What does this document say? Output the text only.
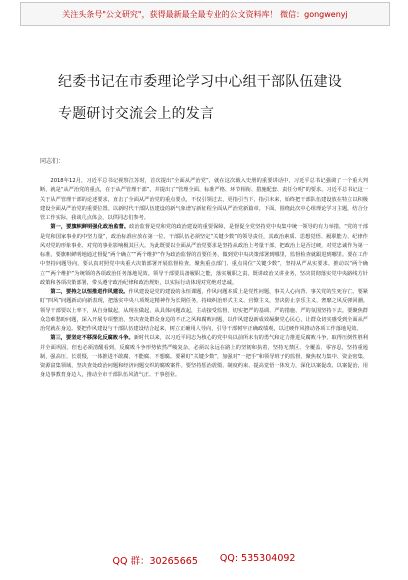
关注头条号"公文研究"，获得最新最全最专业的公文资料库！ 微信：gongwenyj
纪委书记在市委理论学习中心组干部队伍建设专题研讨交流会上的发言
同志们：

2018年12月，习近平总书记视察江苏时，首次提出“全面从严治党”，就在这次载入史册的重要讲话中，习近平总书记强调了一个重大判断，就是“从严治党的重点，在于从严管理干部”，并提出了“管理全面、标准严格、环节相衔、措施配套、责任分明”的要求。习近平总书记这一关于从严管理干部的论述要求，直击了全面从严治党的重点要点，不仅引领过去，更指引当下，指引未来，始终把干部队伍建设放在特立以积极建设全面从严治党的重要位置。以新时代干部队伍建设的新气象谱写新征程全面从严治党新篇章。下面，围绕此次中心组理论学习主题，结合分管工作实际，我谈几点体会，以供同志们参考。

第一，要旗帜鲜明强化政治监督。政治监督是党和党的政治建设的重要保障，是督促全党坚持党中央集中统一领导的有力举措，“党的干部是党和国家事业的中坚力量”，政治标准应放在第一位，干部队伍必须坚定“关键少数”的领导责任，其政治素质、思想觉悟、履职能力、纪律作风对党的形象事业、对党的事业影响极其巨大。为此既要以全面从严治党要求是坚持从政治上考量干部，把政治上是否过硬，对党忠诚作为第一标准，要旗帜鲜明地通过督促“两个确立”“两个维护”作为政治监督的首要任务，做到党中央决策部署到哪里，监督检查就跟进到哪里。要在工作中坚持问题导向，要认真对照党中央重大决策部署开展监督检查，聚焦重点部门、重点岗位“关键少数”，坚持从严从实要求，推动以“两个确立”“两个维护”为统领的各项政治任务落地见效。领导干部要具备履职之能，落实履职之责，既讲政治又讲业务，坚决贯彻落实党中央路线方针政策和各项决策部署，带头遵守政治纪律和政治规矩，以实际行动体现对党绝对忠诚。

第二，要持之以恒推进作风建设。作风建设是党的建设的永恒课题，作风问题本质上是党性问题，事关人心向背、事关党的生死存亡。要紧盯“四风”问题新动向新表现，把落实中央八项规定精神作为长期任务，持续纠治形式主义、官僚主义，坚决防止享乐主义、奢靡之风反弹回潮。领导干部要以上率下，从自身做起，从现在做起，从具体问题改起，主动接受监督，切实把严的基调、严的措施、严的氛围坚持下去。要聚焦群众急难愁盼问题，深入开展专项整治，坚决查处群众身边的不正之风和腐败问题，以作风建设新成效凝聚党心民心，让群众切实感受到全面从严治党就在身边。要把作风建设与干部队伍建设结合起来，树立正确用人导向，引导干部树牢正确政绩观，以过硬作风推动各项工作落地见效。

第三，要坚定不移深化反腐败斗争。新时代以来，以习近平同志为核心的党中央以前所未有的勇气和定力推进反腐败斗争，取得压倒性胜利并全面巩固。但也必须清醒看到，反腐败斗争形势依然严峻复杂，必须以永远在路上的坚韧和执着，坚持无禁区、全覆盖、零容忍，坚持重遏制、强高压、长震慑，一体推进不敢腐、不能腐、不想腐。要紧盯“关键少数”，加强对“一把手”和领导班子的监督，聚焦权力集中、资金密集、资源富集领域，坚决查处政治问题和经济问题交织的腐败案件。要坚持惩治震慑、制度约束、提高觉悟一体发力，深化以案促改、以案促治，用身边事教育身边人，推动全市干部队伍风清气正、干事创业。

QQ 群：30265665 QQ: 535304092
